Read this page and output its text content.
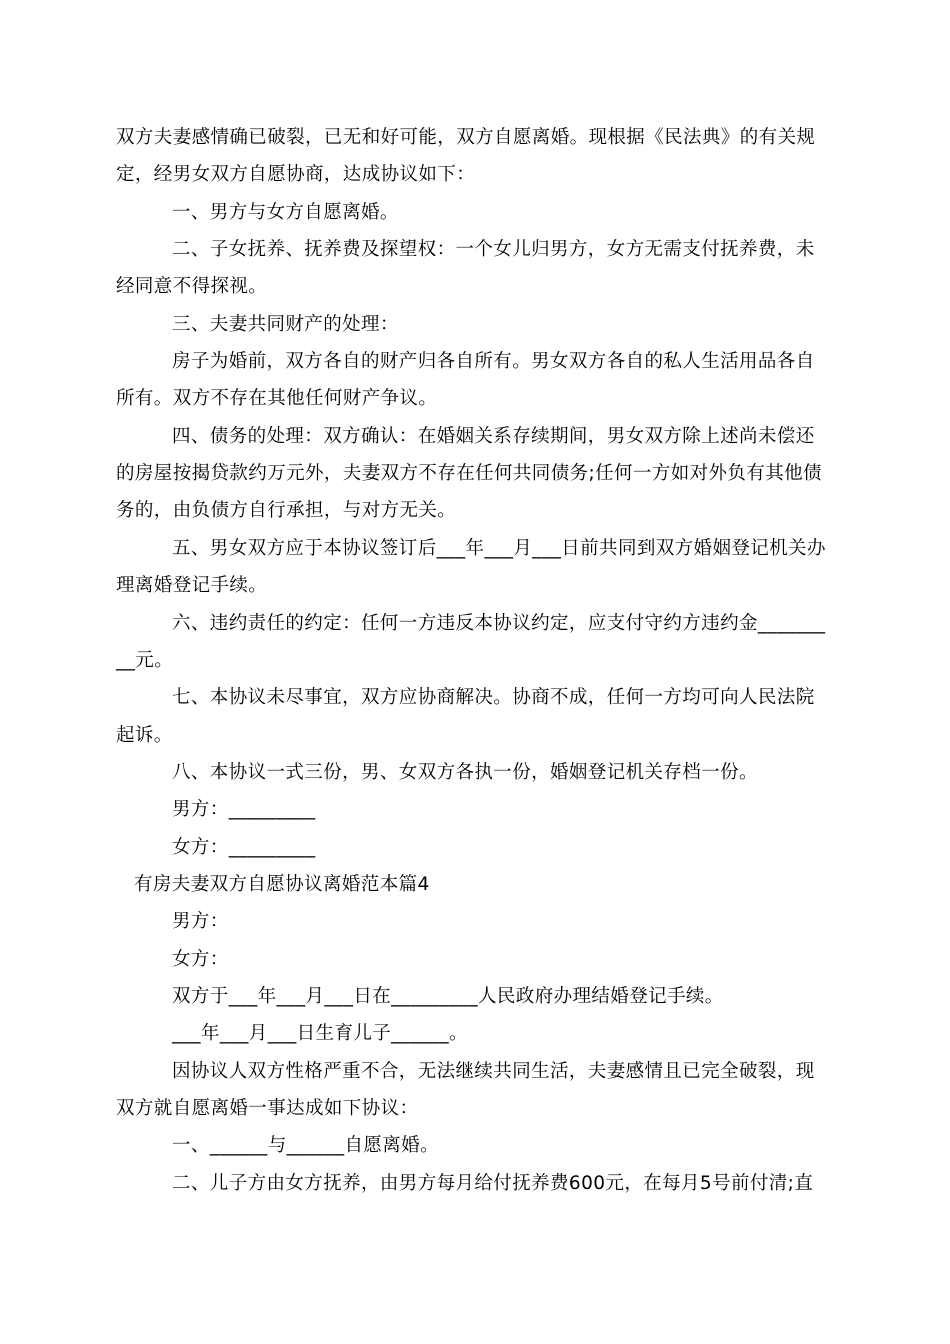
双方夫妻感情确已破裂，已无和好可能，双方自愿离婚。现根据《民法典》的有关规
定，经男女双方自愿协商，达成协议如下：
一、男方与女方自愿离婚。
二、子女抚养、抚养费及探望权：一个女儿归男方，女方无需支付抚养费，未
经同意不得探视。
三、夫妻共同财产的处理：
房子为婚前，双方各自的财产归各自所有。男女双方各自的私人生活用品各自
所有。双方不存在其他任何财产争议。
四、债务的处理：双方确认：在婚姻关系存续期间，男女双方除上述尚未偿还
的房屋按揭贷款约万元外，夫妻双方不存在任何共同债务;任何一方如对外负有其他债
务的，由负债方自行承担，与对方无关。
五、男女双方应于本协议签订后___年___月___日前共同到双方婚姻登记机关办
理离婚登记手续。
六、违约责任的约定：任何一方违反本协议约定，应支付守约方违约金_______
__元。
七、本协议未尽事宜，双方应协商解决。协商不成，任何一方均可向人民法院
起诉。
八、本协议一式三份，男、女双方各执一份，婚姻登记机关存档一份。
男方：_________
女方：_________
有房夫妻双方自愿协议离婚范本篇4
男方：
女方：
双方于___年___月___日在_________人民政府办理结婚登记手续。
___年___月___日生育儿子______。
因协议人双方性格严重不合，无法继续共同生活，夫妻感情且已完全破裂，现
双方就自愿离婚一事达成如下协议：
一、______与______自愿离婚。
二、儿子方由女方抚养，由男方每月给付抚养费600元，在每月5号前付清;直
